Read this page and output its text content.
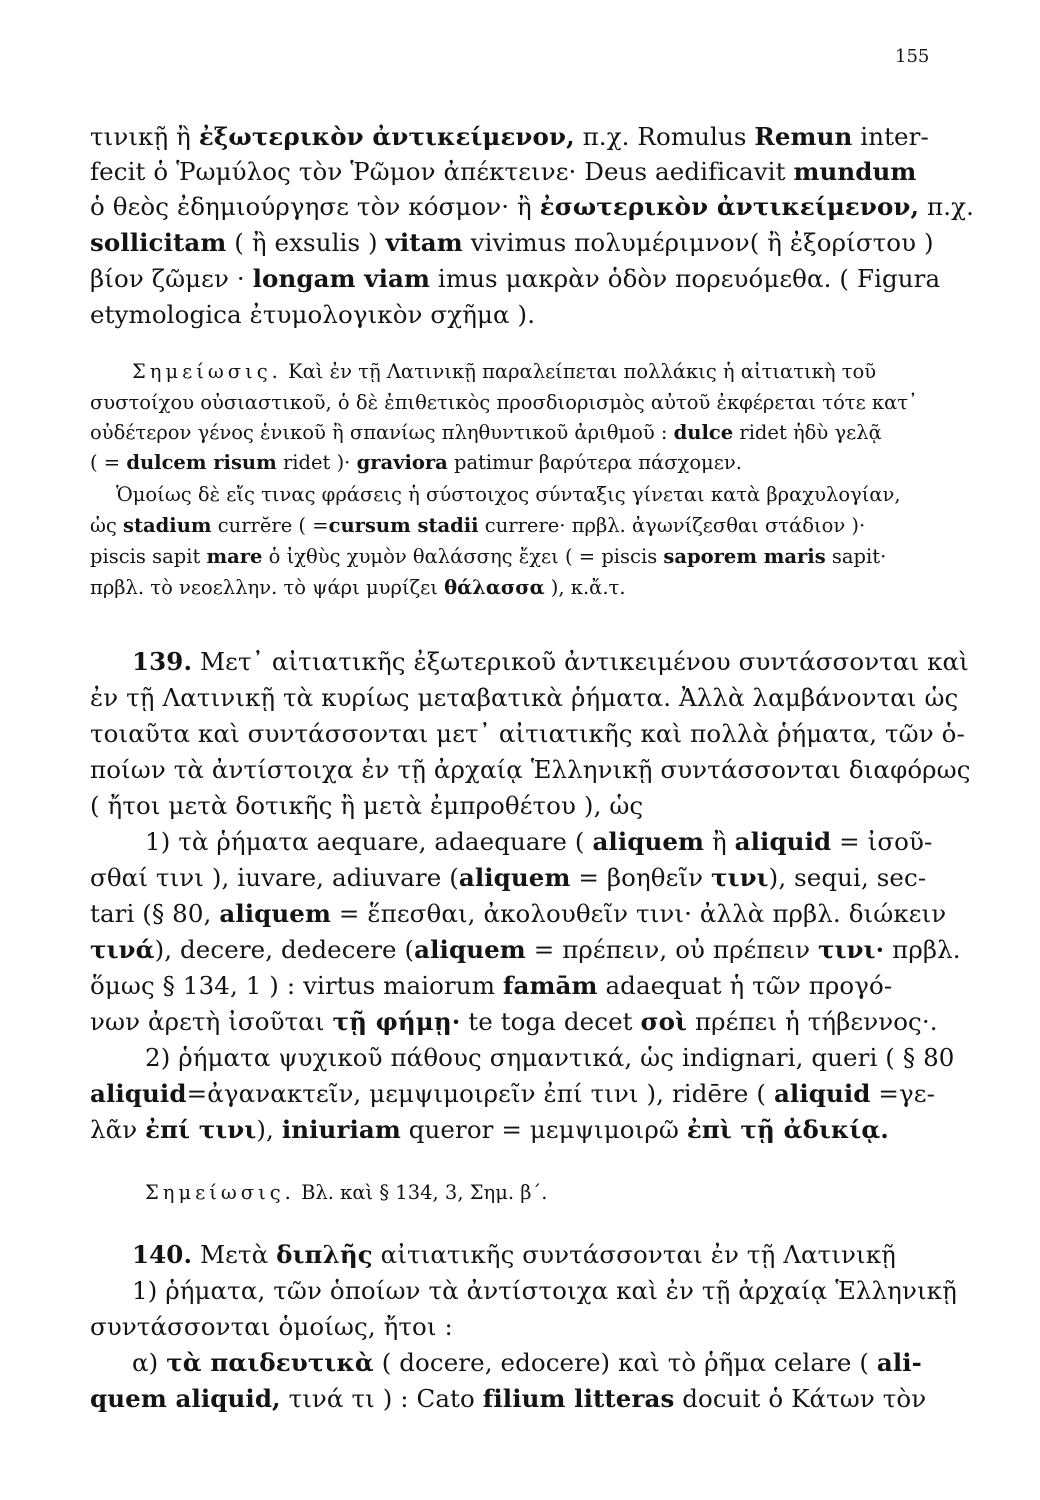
155
τινικῇ ἢ ἐξωτερικὸν ἀντικείμενον, π.χ. Romulus Remun inter-
fecit ὁ Ῥωμύλος τὸν Ῥῶμον ἀπέκτεινε· Deus aedificavit mundum
ὁ θεὸς ἐδημιούργησε τὸν κόσμον· ἢ ἐσωτερικὸν ἀντικείμενον, π.χ.
sollicitam ( ἢ exsulis ) vitam vivimus πολυμέριμνον( ἢ ἐξορίστου )
βίον ζῶμεν · longam viam imus μακρὰν ὁδὸν πορευόμεθα. ( Figura
etymologica ἐτυμολογικὸν σχῆμα ).
Σημείωσις. Καὶ ἐν τῇ Λατινικῇ παραλείπεται πολλάκις ἡ αἰτιατικὴ τοῦ
συστοίχου οὐσιαστικοῦ, ὁ δὲ ἐπιθετικὸς προσδιορισμὸς αὐτοῦ ἐκφέρεται τότε κατ᾽
οὐδέτερον γένος ἑνικοῦ ἢ σπανίως πληθυντικοῦ ἀριθμοῦ : dulce ridet ἡδὺ γελᾷ
( = dulcem risum ridet )· graviora patimur βαρύτερα πάσχομεν.
Ὁμοίως δὲ εἴς τινας φράσεις ἡ σύστοιχος σύνταξις γίνεται κατὰ βραχυλογίαν,
ὡς stadium currĕre ( =cursum stadii currere· πρβλ. ἀγωνίζεσθαι στάδιον )·
piscis sapit mare ὁ ἰχθὺς χυμὸν θαλάσσης ἔχει ( = piscis saporem maris sapit·
πρβλ. τὸ νεοελλην. τὸ ψάρι μυρίζει θάλασσα ), κ.ἄ.τ.
139. Μετ᾽ αἰτιατικῆς ἐξωτερικοῦ ἀντικειμένου συντάσσονται καὶ
ἐν τῇ Λατινικῇ τὰ κυρίως μεταβατικὰ ῥήματα. Ἀλλὰ λαμβάνονται ὡς
τοιαῦτα καὶ συντάσσονται μετ᾽ αἰτιατικῆς καὶ πολλὰ ῥήματα, τῶν ὁ-
ποίων τὰ ἀντίστοιχα ἐν τῇ ἀρχαίᾳ Ἑλληνικῇ συντάσσονται διαφόρως
( ἤτοι μετὰ δοτικῆς ἢ μετὰ ἐμπροθέτου ), ὡς
1) τὰ ῥήματα aequare, adaequare ( aliquem ἢ aliquid = ἰσοῦ-
σθαί τινι ), iuvare, adiuvare (aliquem = βοηθεῖν τινι), sequi, sec-
tari (§ 80, aliquem = ἕπεσθαι, ἀκολουθεῖν τινι· ἀλλὰ πρβλ. διώκειν
τινά), decere, dedecere (aliquem = πρέπειν, οὐ πρέπειν τινι· πρβλ.
ὅμως § 134, 1 ) : virtus maiorum famām adaequat ἡ τῶν προγό-
νων ἀρετὴ ἰσοῦται τῇ φήμῃ· te toga decet σοὶ πρέπει ἡ τήβεννος·.
2) ῥήματα ψυχικοῦ πάθους σημαντικά, ὡς indignari, queri ( § 80
aliquid=ἀγανακτεῖν, μεμψιμοιρεῖν ἐπί τινι ), ridēre ( aliquid =γε-
λᾶν ἐπί τινι), iniuriam queror = μεμψιμοιρῶ ἐπὶ τῇ ἀδικίᾳ.
Σημείωσις. Βλ. καὶ § 134, 3, Σημ. β´.
140. Μετὰ διπλῆς αἰτιατικῆς συντάσσονται ἐν τῇ Λατινικῇ
1) ῥήματα, τῶν ὁποίων τὰ ἀντίστοιχα καὶ ἐν τῇ ἀρχαίᾳ Ἑλληνικῇ
συντάσσονται ὁμοίως, ἤτοι :
α) τὰ παιδευτικὰ ( docere, edocere) καὶ τὸ ῥῆμα celare ( ali-
quem aliquid, τινά τι ) : Cato filium litteras docuit ὁ Κάτων τὸν
